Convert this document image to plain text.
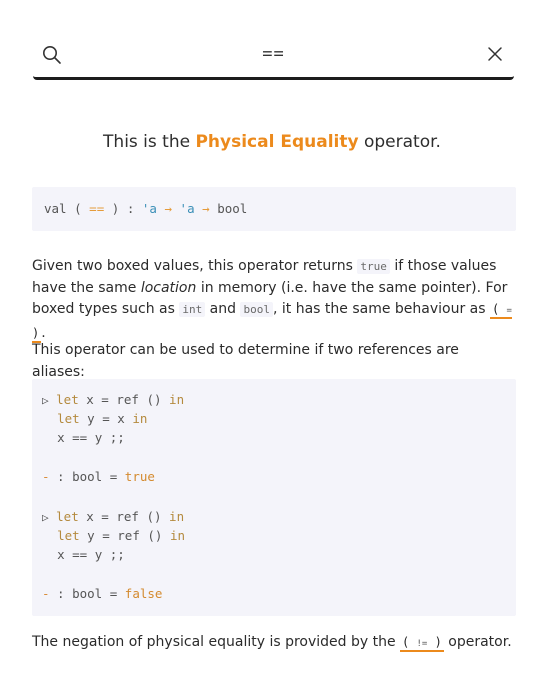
==
This is the Physical Equality operator.
val ( == ) : 'a → 'a → bool
Given two boxed values, this operator returns true if those values have the same location in memory (i.e. have the same pointer). For boxed types such as int and bool , it has the same behaviour as ( = ) .
This operator can be used to determine if two references are aliases:
▷ let x = ref () in
let y = x in
x == y ;;
- : bool = true
▷ let x = ref () in
let y = ref () in
x == y ;;
- : bool = false
The negation of physical equality is provided by the ( != ) operator.
